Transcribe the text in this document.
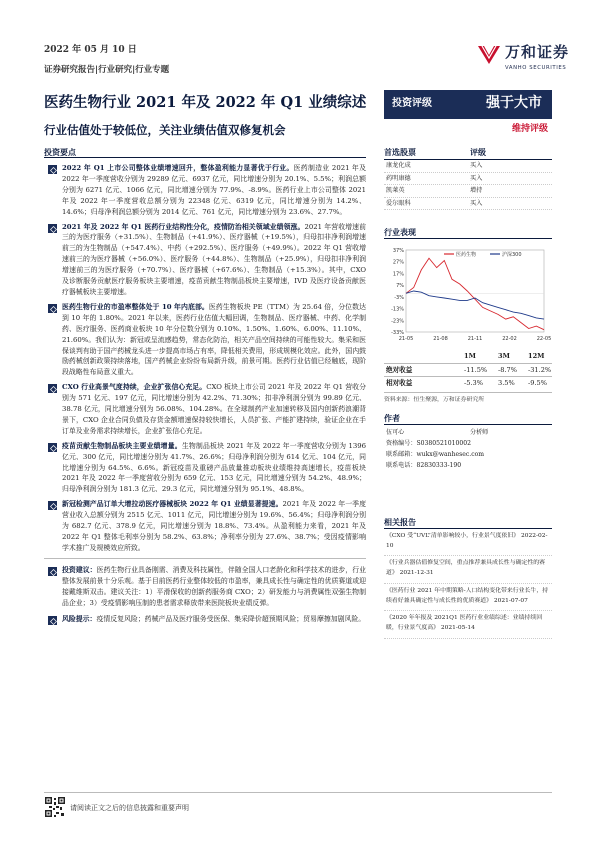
2022 年 05 月 10 日
证券研究报告|行业研究|行业专题
万和证券
VANHO SECURITIES
医药生物行业 2021 年及 2022 年 Q1 业绩综述
行业估值处于较低位，关注业绩估值双修复机会
投资评级	强于大市
维持评级
投资要点
2022 年 Q1 上市公司整体业绩增速回升，整体盈利能力显著优于行业。医药制造业 2021 年及 2022 年一季度营收分别为 29289 亿元、6937 亿元，同比增速分别为 20.1%、5.5%；利润总额分别为 6271 亿元、1066 亿元，同比增速分别为 77.9%、-8.9%。医药行业上市公司整体 2021 年及 2022 年一季度营收总额分别为 22348 亿元、6319 亿元，同比增速分别为 14.2%、14.6%；归母净利润总额分别为 2014 亿元、761 亿元，同比增速分别为 23.6%、27.7%。
2021 年及 2022 年 Q1 医药行业结构性分化，疫情防治相关领域业绩领涨。2021 年营收增速前三的为医疗服务（+31.5%）、生物制品（+41.9%）、医疗器械（+19.5%），归母扣非净利润增速前三的为生物制品（+547.4%）、中药（+292.5%）、医疗服务（+49.9%）。2022 年 Q1 营收增速前三的为医疗器械（+56.0%）、医疗服务（+44.8%）、生物制品（+25.9%），归母扣非净利润增速前三的为医疗服务（+70.7%）、医疗器械（+67.6%）、生物制品（+15.3%）。其中，CXO 及诊断服务贡献医疗服务板块主要增速，疫苗贡献生物制品板块主要增速，IVD 及医疗设备贡献医疗器械板块主要增速。
医药生物行业的市盈率整体处于 10 年内底部。医药生物板块 PE（TTM）为 25.64 倍，分位数达到 10 年的 1.80%。2021 年以来，医药行业估值大幅回调，生物制品、医疗器械、中药、化学制药、医疗服务、医药商业板块 10 年分位数分别为 0.10%、1.50%、1.60%、6.00%、11.10%、21.60%。我们认为：新冠或呈流感趋势，常态化防治，相关产品空间持续的可能性较大。集采和医保谈判有助于国产药械龙头进一步提高市场占有率，降低相关费用，形成规模化效应。此外，国内鼓励药械创新政策持续落地，国产药械企业纷纷布局新升级，前景可期。医药行业估值已经触底，现阶段战略性布局意义重大。
CXO 行业高景气度持续，企业扩张信心充足。CXO 板块上市公司 2021 年及 2022 年 Q1 营收分别为 571 亿元、197 亿元，同比增速分别为 42.2%、71.30%；扣非净利润分别为 99.89 亿元、38.78 亿元，同比增速分别为 56.08%、104.28%。在全球制药产业加速转移及国内创新药浪潮背景下，CXO 企业合同负债及存货金额增速保持较快增长，人员扩张、产能扩建持续，验证企业在手订单及业务需求持续增长，企业扩张信心充足。
疫苗贡献生物制品板块主要业绩增量。生物制品板块 2021 年及 2022 年一季度营收分别为 1396 亿元、300 亿元，同比增速分别为 41.7%、26.6%；归母净利润分别为 614 亿元、104 亿元，同比增速分别为 64.5%、6.6%。新冠疫苗及重磅产品放量推动板块业绩维持高速增长，疫苗板块 2021 年及 2022 年一季度营收分别为 659 亿元、153 亿元，同比增速分别为 54.2%、48.9%；归母净利润分别为 181.3 亿元、29.3 亿元，同比增速分别为 95.1%、48.8%。
新冠检测产品订单大增拉动医疗器械板块 2022 年 Q1 业绩显著提速。2021 年及 2022 年一季度营业收入总额分别为 2515 亿元、1011 亿元，同比增速分别为 19.6%、56.4%；归母净利润分别为 682.7 亿元、378.9 亿元，同比增速分别为 18.8%、73.4%。从盈利能力来看，2021 年及 2022 年 Q1 整体毛利率分别为 58.2%、63.8%；净利率分别为 27.6%、38.7%；受因疫情影响学术推广及规模效应所致。
投资建议：医药生物行业具备刚需、消费及科技属性，伴随全国人口老龄化和科学技术的进步，行业整体发展前景十分乐观。基于目前医药行业整体较低的市盈率，兼具成长性与确定性的优质赛道或迎接戴维斯双击。建议关注：1）平滑保收的创新药服务商 CXO；2）研发能力与消费属性双强生物制品企业；3）受疫情影响压制的患者需求释放带来医院板块业绩反弹。
风险提示：疫情反复风险；药械产品及医疗服务受医保、集采降价超预期风险；贸易摩擦加剧风险。
首选股票	评级
康龙化成	买入
药明康德	买入
凯莱英	增持
爱尔眼科	买入
行业表现
37%
27%
17%
7%
-3%
-13%
-23%
-33%
21-05	21-08	21-11	22-02	22-05
医药生物	沪深300
1M	3M	12M
绝对收益	-11.5% -8.7% -31.2%
相对收益	-5.3% 3.5% -9.5%
资料来源：恒生聚源，万和证券研究所
作者
伍可心	分析师
资格编号：S0380521010002
联系邮箱：wukx@wanhesec.com
联系电话：82830333-190
相关报告
《CXO 受“UVL”清单影响较小，行业景气度依旧》 2022-02-10
《行业兵器估值修复空间，重点推荐兼具成长性与确定性的赛道》 2021-12-31
《医药行业 2021 年中期策略-人口结构变化带来行业长牛，持续看好兼具确定性与成长性的优质赛道》 2021-07-07
《2020 年年报及 2021Q1 医药行业业绩综述：业绩持续回暖，行业景气度高》 2021-05-14
请阅读正文之后的信息披露和重要声明
